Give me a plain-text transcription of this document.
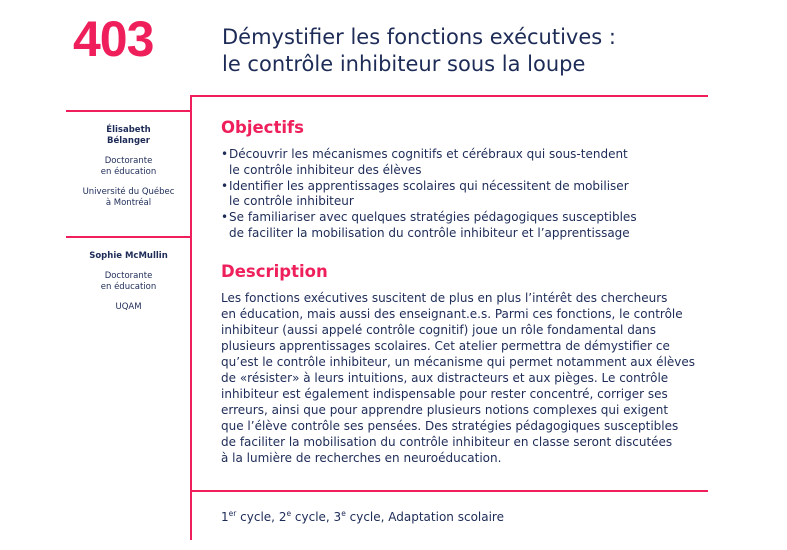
403	Démystifier les fonctions exécutives :
le contrôle inhibiteur sous la loupe
Élisabeth
Bélanger
Doctorante
en éducation
Université du Québec
à Montréal
Sophie McMullin
Doctorante
en éducation
UQAM
Objectifs
• Découvrir les mécanismes cognitifs et cérébraux qui sous-tendent
le contrôle inhibiteur des élèves
• Identifier les apprentissages scolaires qui nécessitent de mobiliser
le contrôle inhibiteur
• Se familiariser avec quelques stratégies pédagogiques susceptibles
de faciliter la mobilisation du contrôle inhibiteur et l’apprentissage
Description
Les fonctions exécutives suscitent de plus en plus l’intérêt des chercheurs
en éducation, mais aussi des enseignant.e.s. Parmi ces fonctions, le contrôle
inhibiteur (aussi appelé contrôle cognitif) joue un rôle fondamental dans
plusieurs apprentissages scolaires. Cet atelier permettra de démystifier ce
qu’est le contrôle inhibiteur, un mécanisme qui permet notamment aux élèves
de «résister» à leurs intuitions, aux distracteurs et aux pièges. Le contrôle
inhibiteur est également indispensable pour rester concentré, corriger ses
erreurs, ainsi que pour apprendre plusieurs notions complexes qui exigent
que l’élève contrôle ses pensées. Des stratégies pédagogiques susceptibles
de faciliter la mobilisation du contrôle inhibiteur en classe seront discutées
à la lumière de recherches en neuroéducation.
1er cycle, 2e cycle, 3e cycle, Adaptation scolaire
